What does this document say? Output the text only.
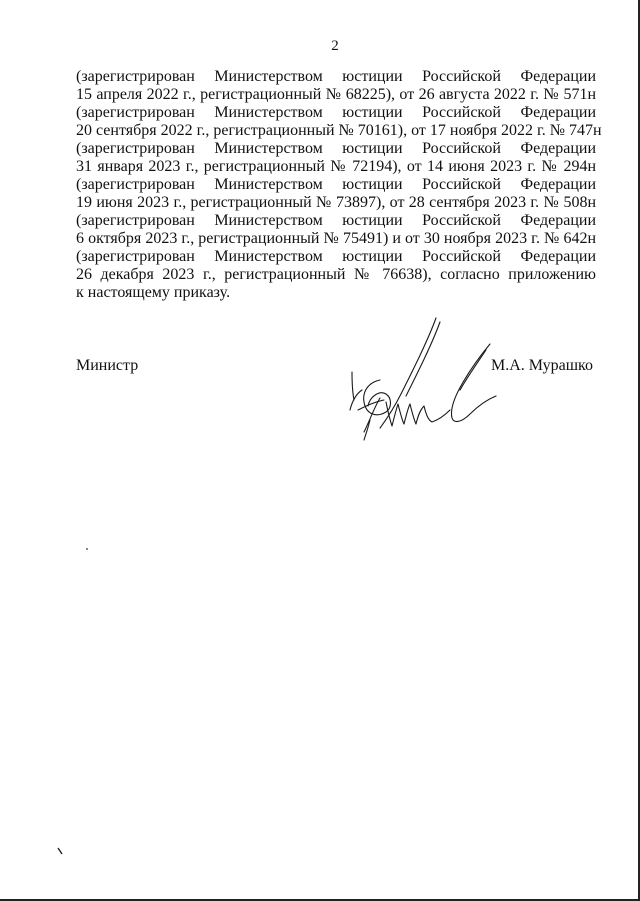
2
(зарегистрирован Министерством юстиции Российской Федерации
15 апреля 2022 г., регистрационный № 68225), от 26 августа 2022 г. № 571н
(зарегистрирован Министерством юстиции Российской Федерации
20 сентября 2022 г., регистрационный № 70161), от 17 ноября 2022 г. № 747н
(зарегистрирован Министерством юстиции Российской Федерации
31 января 2023 г., регистрационный № 72194), от 14 июня 2023 г. № 294н
(зарегистрирован Министерством юстиции Российской Федерации
19 июня 2023 г., регистрационный № 73897), от 28 сентября 2023 г. № 508н
(зарегистрирован Министерством юстиции Российской Федерации
6 октября 2023 г., регистрационный № 75491) и от 30 ноября 2023 г. № 642н
(зарегистрирован Министерством юстиции Российской Федерации
26 декабря 2023 г., регистрационный № 76638), согласно приложению
к настоящему приказу.
Министр	М.А. Мурашко
